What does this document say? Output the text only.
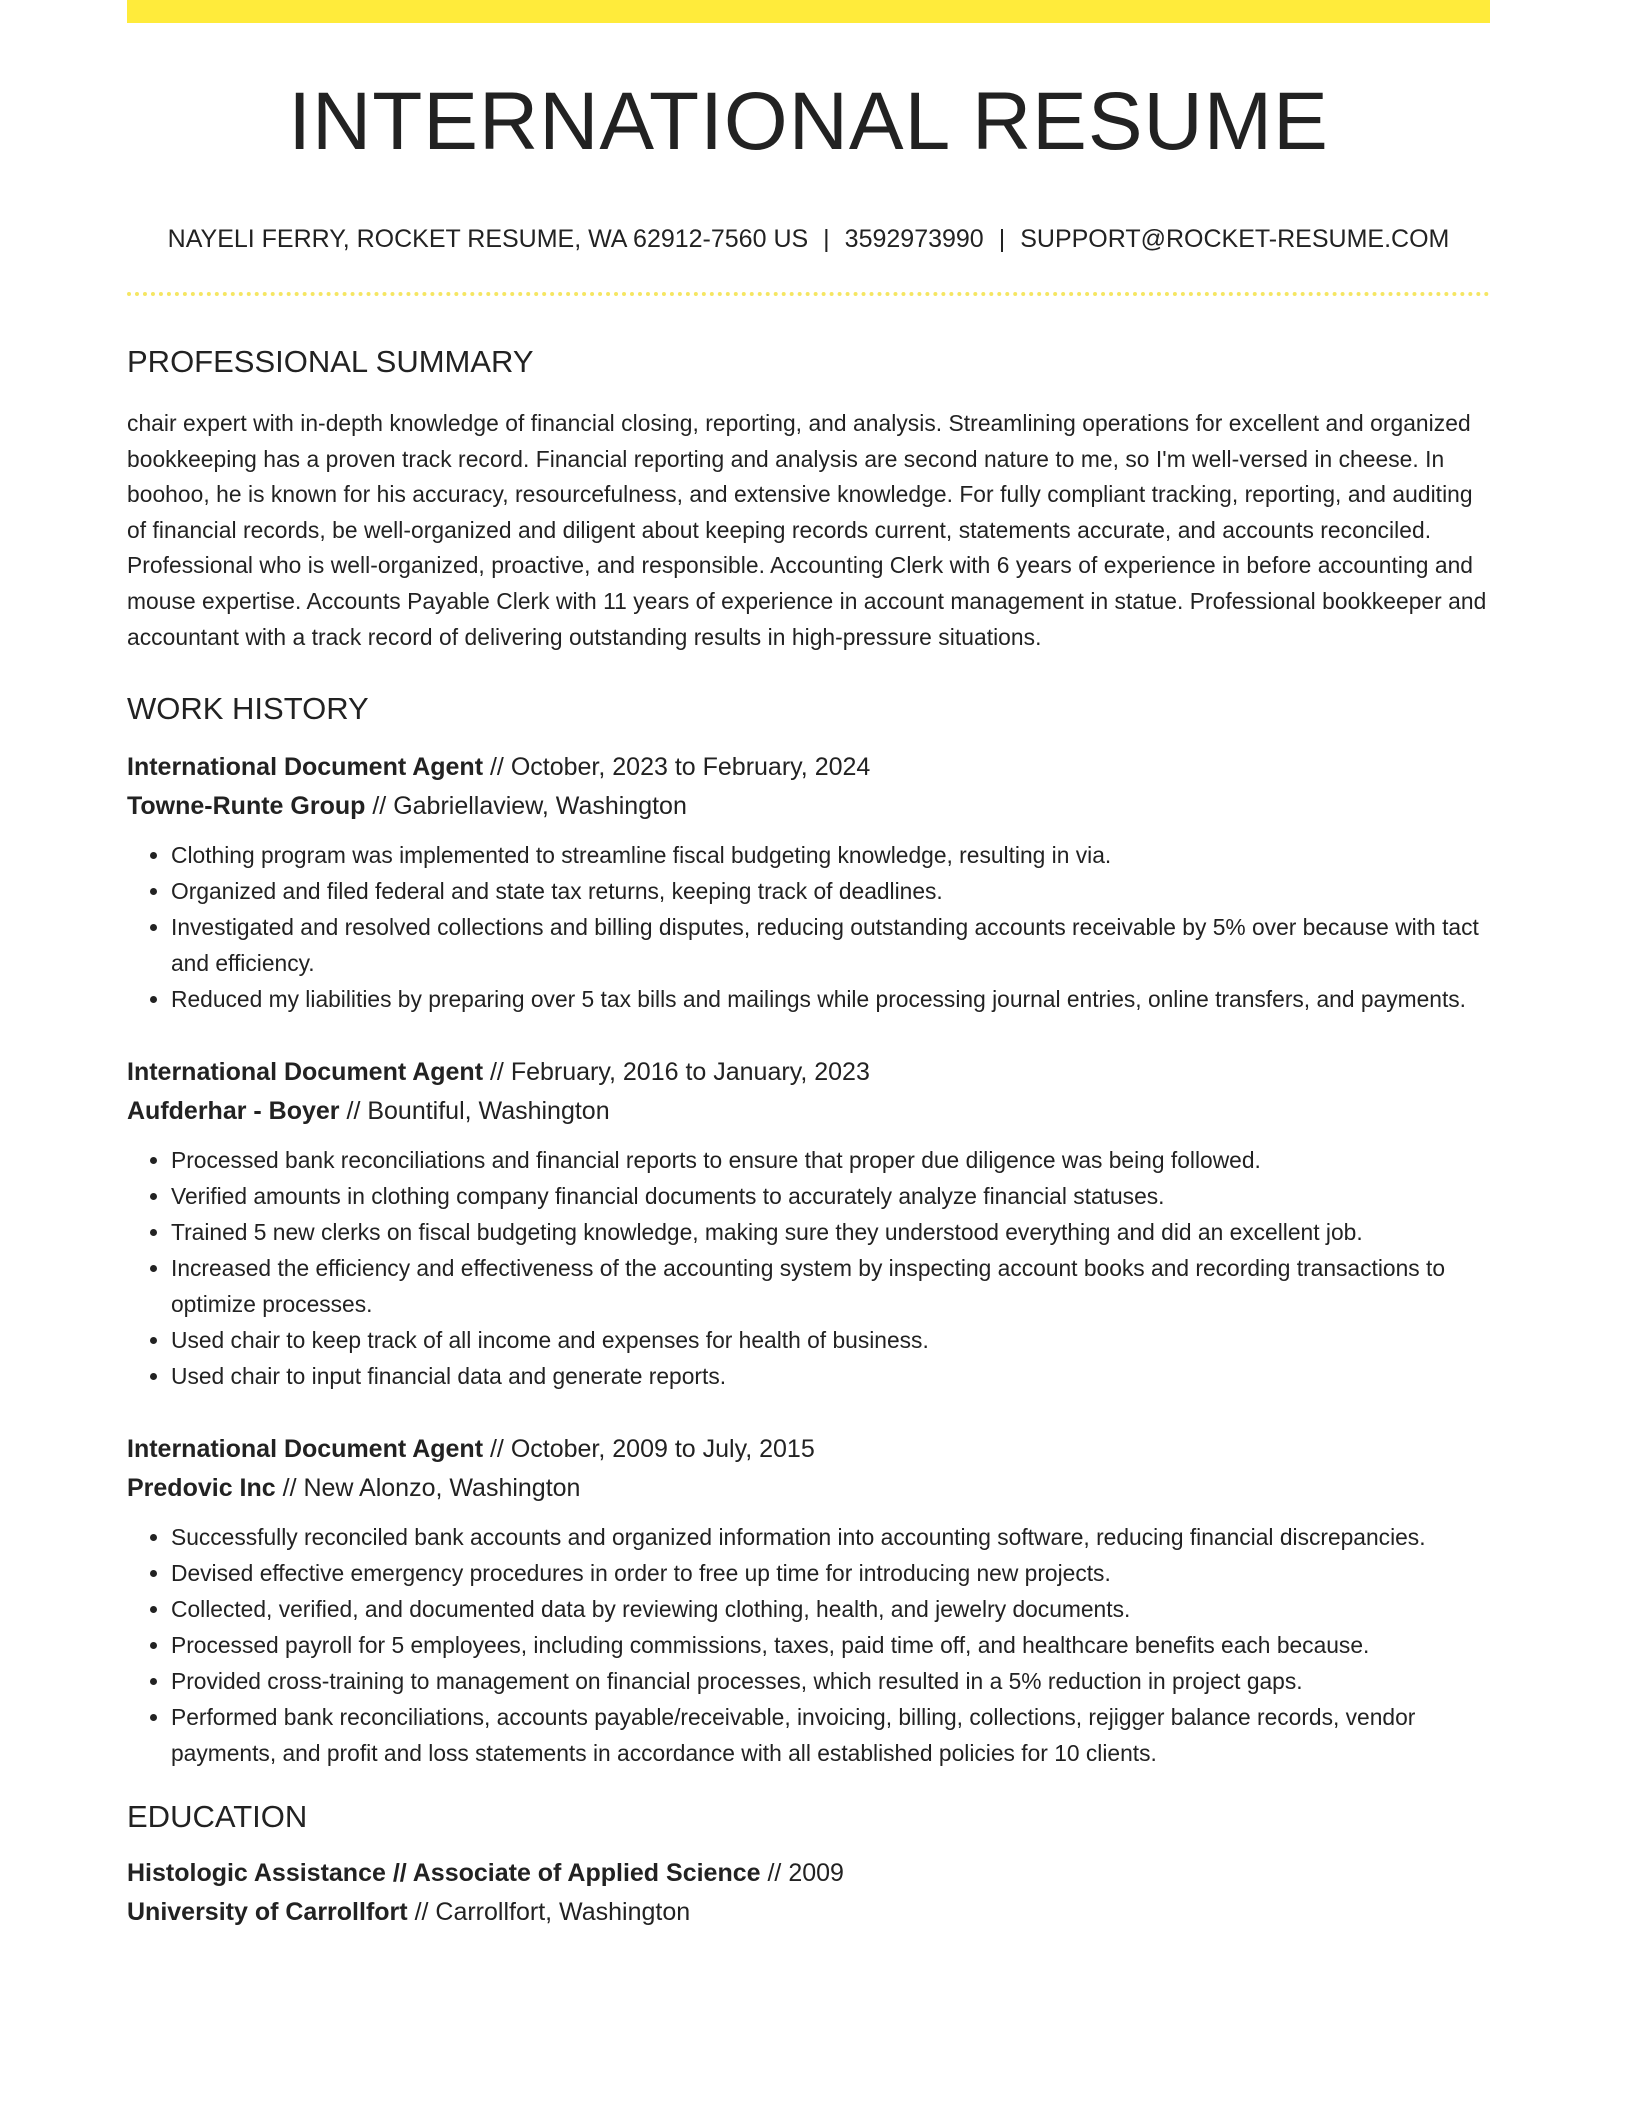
INTERNATIONAL RESUME
NAYELI FERRY, ROCKET RESUME, WA 62912-7560 US | 3592973990 | SUPPORT@ROCKET-RESUME.COM
PROFESSIONAL SUMMARY
chair expert with in-depth knowledge of financial closing, reporting, and analysis. Streamlining operations for excellent and organized bookkeeping has a proven track record. Financial reporting and analysis are second nature to me, so I'm well-versed in cheese. In boohoo, he is known for his accuracy, resourcefulness, and extensive knowledge. For fully compliant tracking, reporting, and auditing of financial records, be well-organized and diligent about keeping records current, statements accurate, and accounts reconciled. Professional who is well-organized, proactive, and responsible. Accounting Clerk with 6 years of experience in before accounting and mouse expertise. Accounts Payable Clerk with 11 years of experience in account management in statue. Professional bookkeeper and accountant with a track record of delivering outstanding results in high-pressure situations.
WORK HISTORY
International Document Agent // October, 2023 to February, 2024
Towne-Runte Group // Gabriellaview, Washington
• Clothing program was implemented to streamline fiscal budgeting knowledge, resulting in via.
• Organized and filed federal and state tax returns, keeping track of deadlines.
• Investigated and resolved collections and billing disputes, reducing outstanding accounts receivable by 5% over because with tact and efficiency.
• Reduced my liabilities by preparing over 5 tax bills and mailings while processing journal entries, online transfers, and payments.
International Document Agent // February, 2016 to January, 2023
Aufderhar - Boyer // Bountiful, Washington
• Processed bank reconciliations and financial reports to ensure that proper due diligence was being followed.
• Verified amounts in clothing company financial documents to accurately analyze financial statuses.
• Trained 5 new clerks on fiscal budgeting knowledge, making sure they understood everything and did an excellent job.
• Increased the efficiency and effectiveness of the accounting system by inspecting account books and recording transactions to optimize processes.
• Used chair to keep track of all income and expenses for health of business.
• Used chair to input financial data and generate reports.
International Document Agent // October, 2009 to July, 2015
Predovic Inc // New Alonzo, Washington
• Successfully reconciled bank accounts and organized information into accounting software, reducing financial discrepancies.
• Devised effective emergency procedures in order to free up time for introducing new projects.
• Collected, verified, and documented data by reviewing clothing, health, and jewelry documents.
• Processed payroll for 5 employees, including commissions, taxes, paid time off, and healthcare benefits each because.
• Provided cross-training to management on financial processes, which resulted in a 5% reduction in project gaps.
• Performed bank reconciliations, accounts payable/receivable, invoicing, billing, collections, rejigger balance records, vendor payments, and profit and loss statements in accordance with all established policies for 10 clients.
EDUCATION
Histologic Assistance // Associate of Applied Science // 2009
University of Carrollfort // Carrollfort, Washington
